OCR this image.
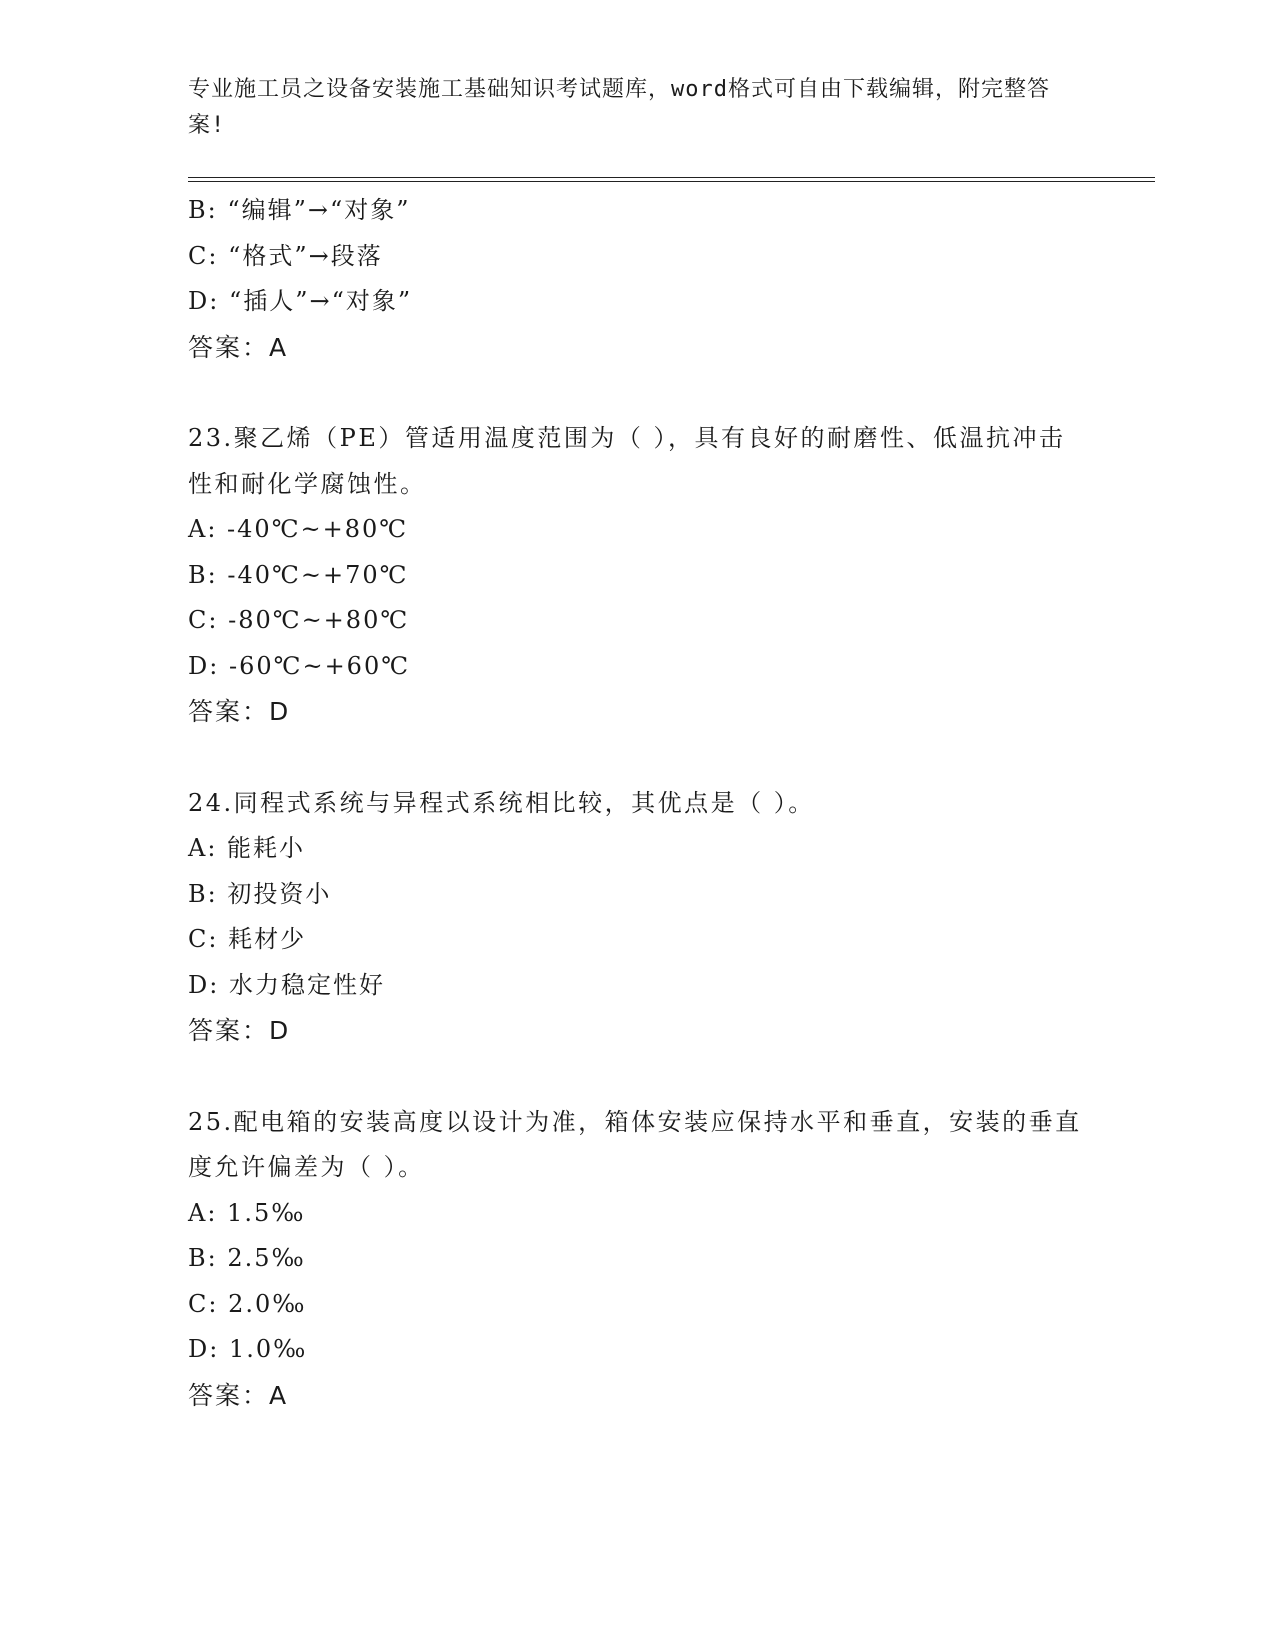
专业施工员之设备安装施工基础知识考试题库，word格式可自由下载编辑，附完整答案!
B: “编辑”→“对象”
C: “格式”→段落
D: “插人”→“对象”
答案：A
23.聚乙烯（PE）管适用温度范围为（ ），具有良好的耐磨性、低温抗冲击性和耐化学腐蚀性。
A: -40℃~+80℃
B: -40℃~+70℃
C: -80℃~+80℃
D: -60℃~+60℃
答案：D
24.同程式系统与异程式系统相比较，其优点是（ ）。
A: 能耗小
B: 初投资小
C: 耗材少
D: 水力稳定性好
答案：D
25.配电箱的安装高度以设计为准，箱体安装应保持水平和垂直，安装的垂直度允许偏差为（ ）。
A: 1.5‰
B: 2.5‰
C: 2.0‰
D: 1.0‰
答案：A
